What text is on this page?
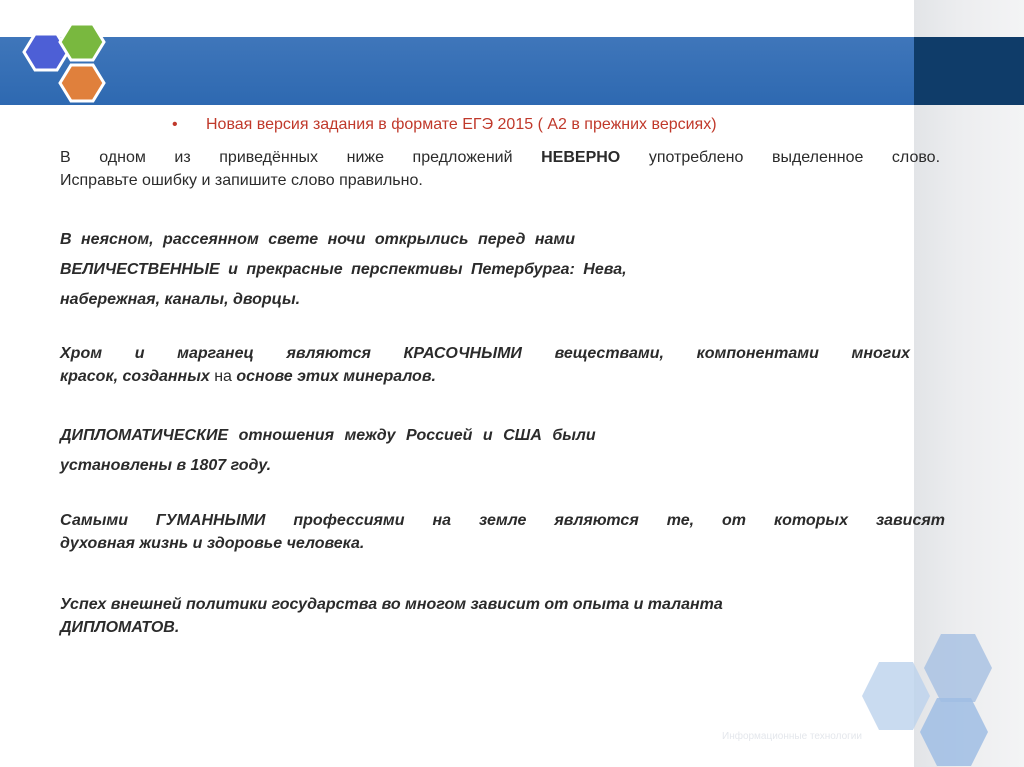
• Новая версия задания в формате ЕГЭ 2015 ( А2 в прежних версиях)
В одном из приведённых ниже предложений НЕВЕРНО употреблено выделенное слово.
Исправьте ошибку и запишите слово правильно.
В неясном, рассеянном свете ночи открылись перед нами
ВЕЛИЧЕСТВЕННЫЕ и прекрасные перспективы Петербурга: Нева,
набережная, каналы, дворцы.
Хром и марганец являются КРАСОЧНЫМИ веществами, компонентами многих
красок, созданных на основе этих минералов.
ДИПЛОМАТИЧЕСКИЕ отношения между Россией и США были
установлены в 1807 году.
Самыми ГУМАННЫМИ профессиями на земле являются те, от которых зависят
духовная жизнь и здоровье человека.
Успех внешней политики государства во многом зависит от опыта и таланта
ДИПЛОМАТОВ.
Информационные технологии
